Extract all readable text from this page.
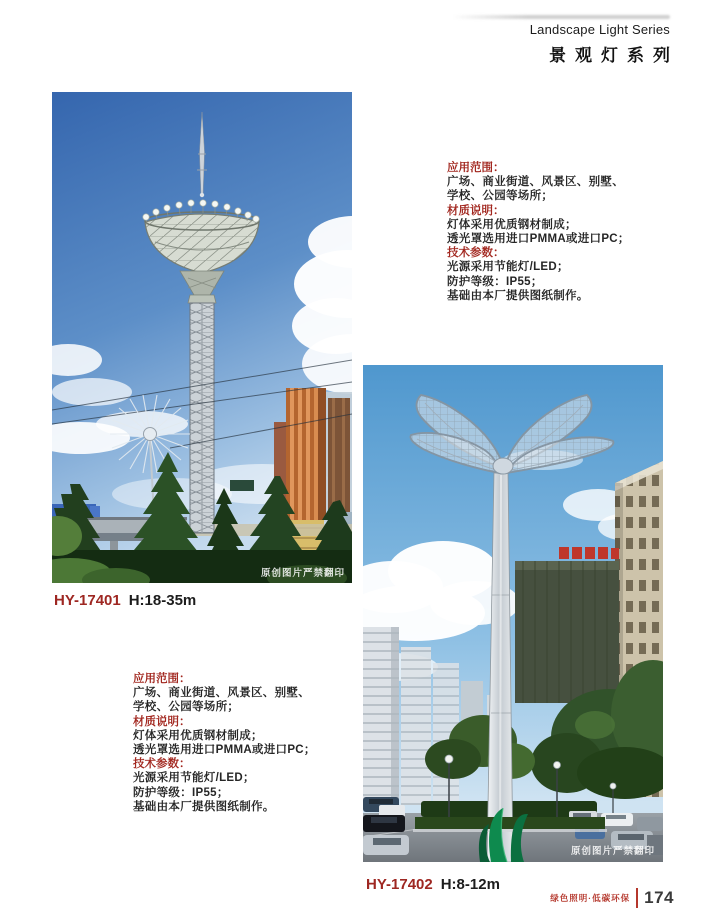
Landscape Light Series
景观灯系列
原创图片严禁翻印
HY-17401 H:18-35m
应用范围：
广场、商业街道、风景区、别墅、
学校、公园等场所；
材质说明：
灯体采用优质钢材制成；
透光罩选用进口PMMA或进口PC；
技术参数：
光源采用节能灯/LED；
防护等级：IP55；
基础由本厂提供图纸制作。
应用范围：
广场、商业街道、风景区、别墅、
学校、公园等场所；
材质说明：
灯体采用优质钢材制成；
透光罩选用进口PMMA或进口PC；
技术参数：
光源采用节能灯/LED；
防护等级：IP55；
基础由本厂提供图纸制作。
原创图片严禁翻印
HY-17402 H:8-12m
绿色照明·低碳环保 174
